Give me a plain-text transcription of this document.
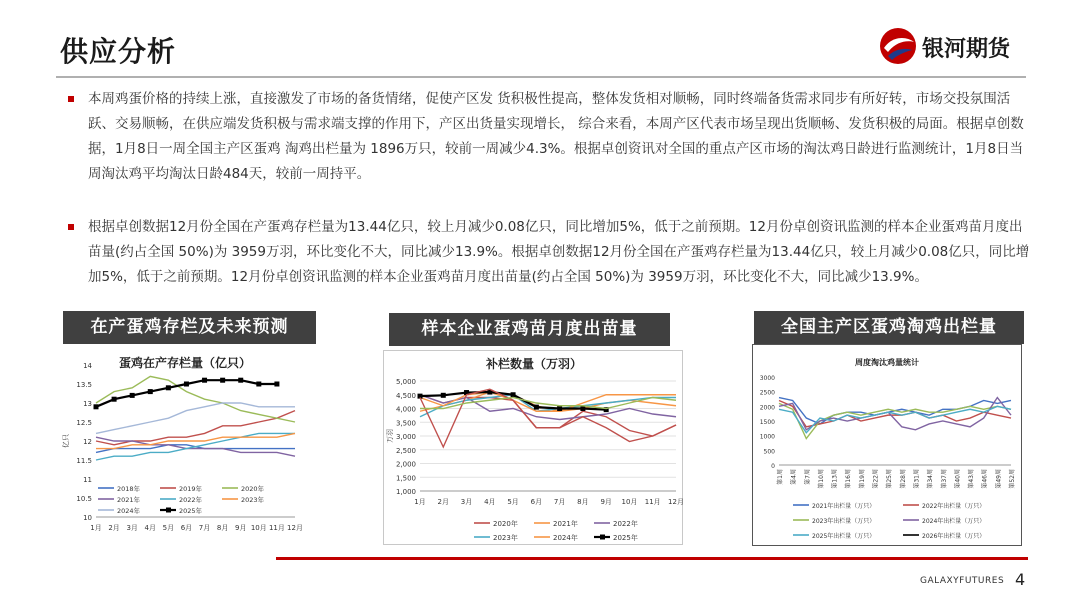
供应分析	银河期货
本周鸡蛋价格的持续上涨，直接激发了市场的备货情绪，促使产区发 货积极性提高，整体发货相对顺畅，同时终端备货需求同步有所好转，市场交投氛围活跃、交易顺畅，在供应端发货积极与需求端支撑的作用下，产区出货量实现增长， 综合来看，本周产区代表市场呈现出货顺畅、发货积极的局面。根据卓创数据，1月8日一周全国主产区蛋鸡 淘鸡出栏量为 1896万只，较前一周减少4.3%。根据卓创资讯对全国的重点产区市场的淘汰鸡日龄进行监测统计，1月8日当周淘汰鸡平均淘汰日龄484天，较前一周持平。
根据卓创数据12月份全国在产蛋鸡存栏量为13.44亿只，较上月减少0.08亿只，同比增加5%，低于之前预期。12月份卓创资讯监测的样本企业蛋鸡苗月度出苗量(约占全国 50%)为 3959万羽，环比变化不大，同比减少13.9%。根据卓创数据12月份全国在产蛋鸡存栏量为13.44亿只，较上月减少0.08亿只，同比增加5%，低于之前预期。12月份卓创资讯监测的样本企业蛋鸡苗月度出苗量(约占全国 50%)为 3959万羽，环比变化不大，同比减少13.9%。
在产蛋鸡存栏及未来预测	样本企业蛋鸡苗月度出苗量	全国主产区蛋鸡淘鸡出栏量
蛋鸡在产存栏量（亿只）
10
10.5
11
11.5
12
12.5
13
13.5
14
亿只
1月 2月 3月 4月 5月 6月 7月 8月 9月 10月 11月 12月
2018年	2019年	2020年
2021年	2022年	2023年
2024年	2025年
补栏数量（万羽）
1,000
1,500
2,000
2,500
3,000
3,500
4,000
4,500
5,000
万羽
1月 2月 3月 4月 5月 6月 7月 8月 9月 10月 11月 12月
2020年	2021年	2022年
2023年	2024年	2025年
周度淘汰鸡量统计
0
500
1000
1500
2000
2500
3000
第1周 第4周 第7周 第10周 第13周 第16周 第19周 第22周 第25周 第28周 第31周 第34周 第37周 第40周 第43周 第46周 第49周 第52周
2021年出栏量（万只）	2022年出栏量（万只）
2023年出栏量（万只）	2024年出栏量（万只）
2025年出栏量（万只）	2026年出栏量（万只）
GALAXYFUTURES 4
